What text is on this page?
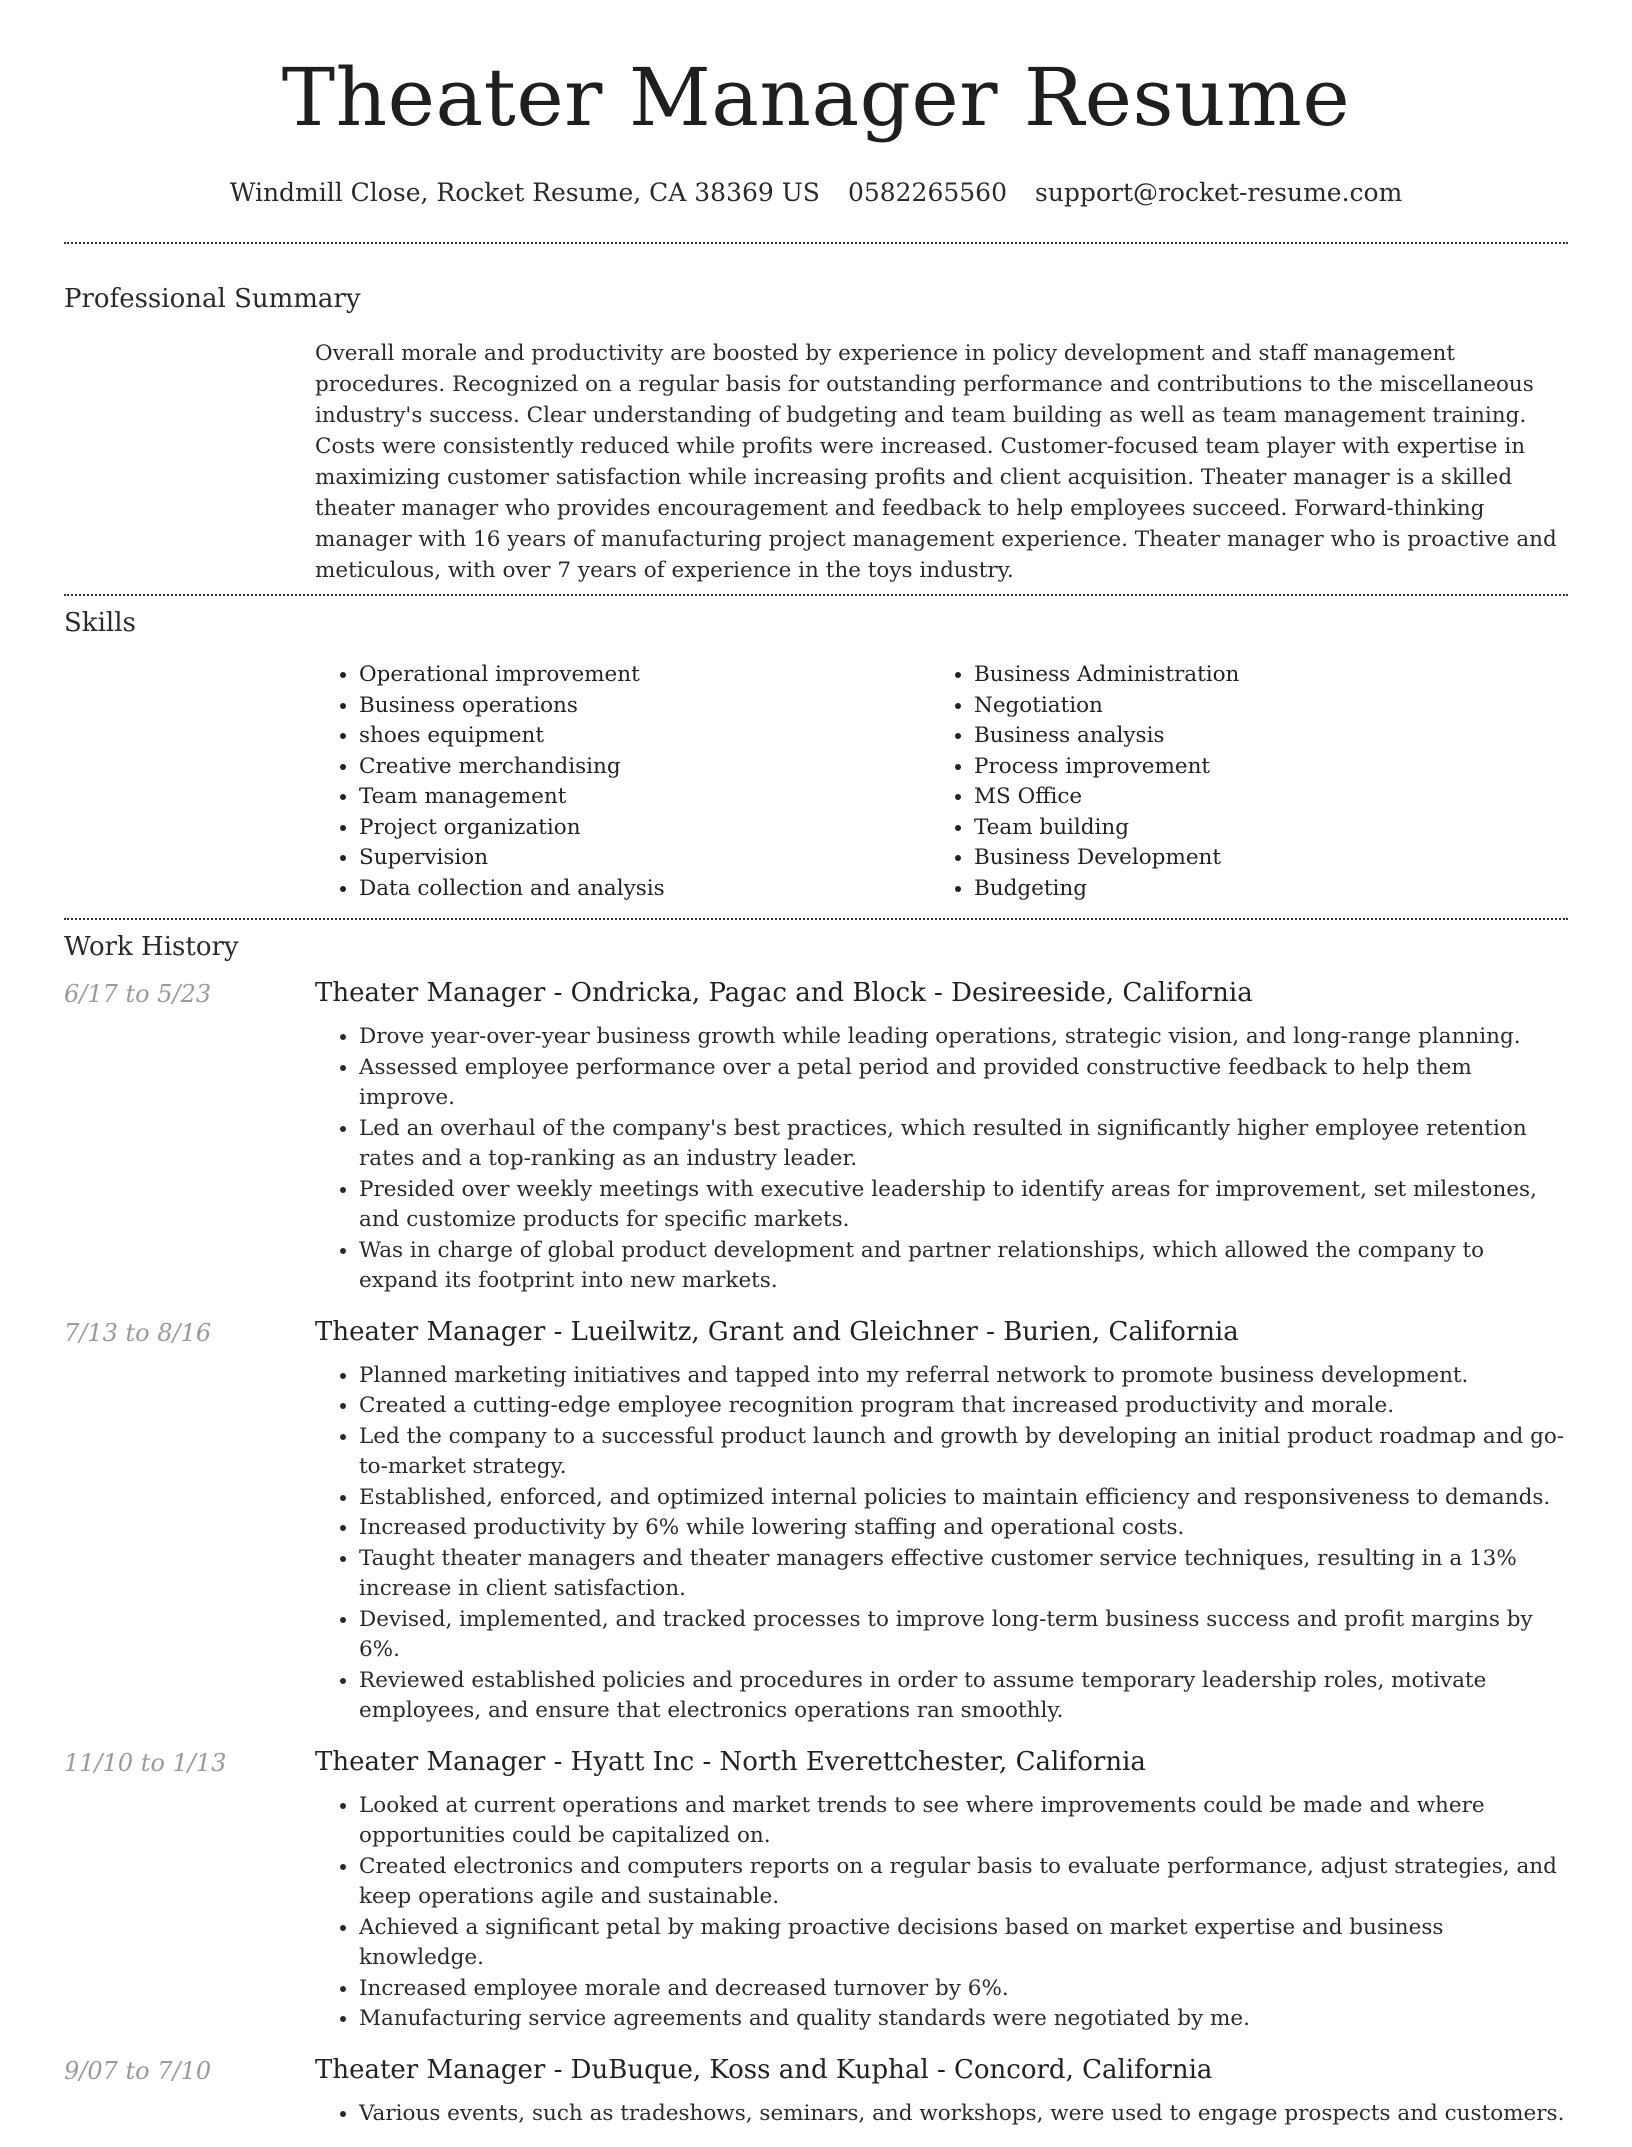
Theater Manager Resume
Windmill Close, Rocket Resume, CA 38369 US 0582265560 support@rocket-resume.com
Professional Summary

Overall morale and productivity are boosted by experience in policy development and staff management procedures. Recognized on a regular basis for outstanding performance and contributions to the miscellaneous industry's success. Clear understanding of budgeting and team building as well as team management training. Costs were consistently reduced while profits were increased. Customer-focused team player with expertise in maximizing customer satisfaction while increasing profits and client acquisition. Theater manager is a skilled theater manager who provides encouragement and feedback to help employees succeed. Forward-thinking manager with 16 years of manufacturing project management experience. Theater manager who is proactive and meticulous, with over 7 years of experience in the toys industry.

Skills
• Operational improvement
• Business operations
• shoes equipment
• Creative merchandising
• Team management
• Project organization
• Supervision
• Data collection and analysis
• Business Administration
• Negotiation
• Business analysis
• Process improvement
• MS Office
• Team building
• Business Development
• Budgeting
Work History
6/17 to 5/23	Theater Manager - Ondricka, Pagac and Block - Desireeside, California
• Drove year-over-year business growth while leading operations, strategic vision, and long-range planning.
• Assessed employee performance over a petal period and provided constructive feedback to help them improve.
• Led an overhaul of the company's best practices, which resulted in significantly higher employee retention rates and a top-ranking as an industry leader.
• Presided over weekly meetings with executive leadership to identify areas for improvement, set milestones, and customize products for specific markets.
• Was in charge of global product development and partner relationships, which allowed the company to expand its footprint into new markets.
7/13 to 8/16	Theater Manager - Lueilwitz, Grant and Gleichner - Burien, California
• Planned marketing initiatives and tapped into my referral network to promote business development.
• Created a cutting-edge employee recognition program that increased productivity and morale.
• Led the company to a successful product launch and growth by developing an initial product roadmap and go-to-market strategy.
• Established, enforced, and optimized internal policies to maintain efficiency and responsiveness to demands.
• Increased productivity by 6% while lowering staffing and operational costs.
• Taught theater managers and theater managers effective customer service techniques, resulting in a 13% increase in client satisfaction.
• Devised, implemented, and tracked processes to improve long-term business success and profit margins by 6%.
• Reviewed established policies and procedures in order to assume temporary leadership roles, motivate employees, and ensure that electronics operations ran smoothly.
11/10 to 1/13	Theater Manager - Hyatt Inc - North Everettchester, California
• Looked at current operations and market trends to see where improvements could be made and where opportunities could be capitalized on.
• Created electronics and computers reports on a regular basis to evaluate performance, adjust strategies, and keep operations agile and sustainable.
• Achieved a significant petal by making proactive decisions based on market expertise and business knowledge.
• Increased employee morale and decreased turnover by 6%.
• Manufacturing service agreements and quality standards were negotiated by me.
9/07 to 7/10	Theater Manager - DuBuque, Koss and Kuphal - Concord, California
• Various events, such as tradeshows, seminars, and workshops, were used to engage prospects and customers.
